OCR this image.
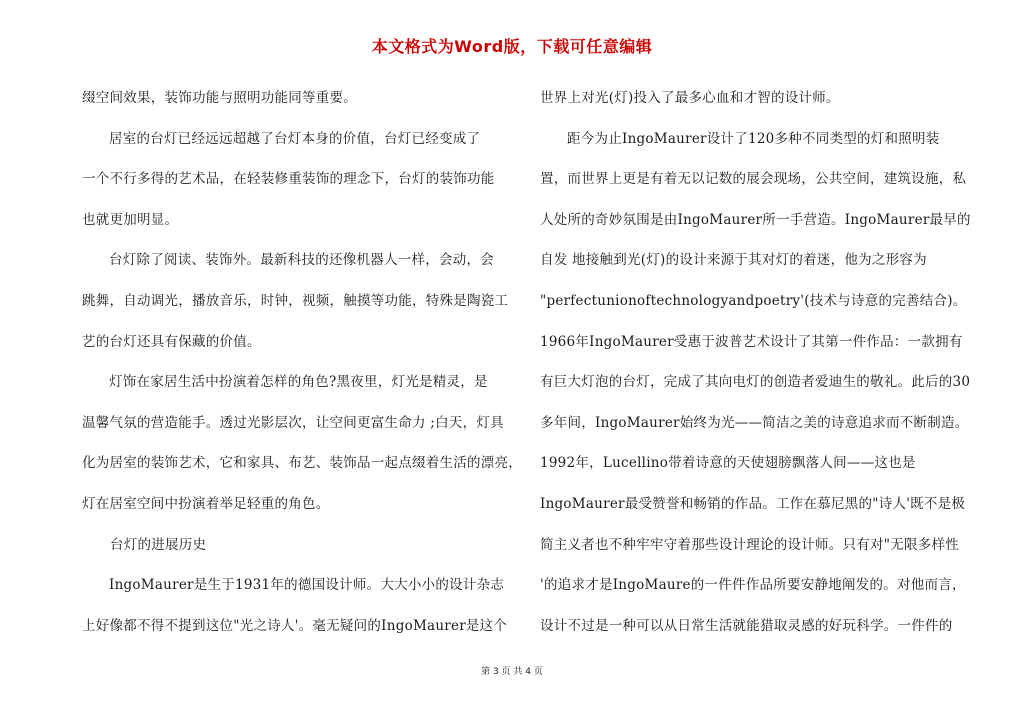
本文格式为Word版，下载可任意编辑
缀空间效果，装饰功能与照明功能同等重要。
居室的台灯已经远远超越了台灯本身的价值，台灯已经变成了
一个不行多得的艺术品，在轻装修重装饰的理念下，台灯的装饰功能
也就更加明显。
台灯除了阅读、装饰外。最新科技的还像机器人一样，会动，会
跳舞，自动调光，播放音乐，时钟，视频，触摸等功能，特殊是陶瓷工
艺的台灯还具有保藏的价值。
灯饰在家居生活中扮演着怎样的角色?黑夜里，灯光是精灵，是
温馨气氛的营造能手。透过光影层次，让空间更富生命力 ;白天，灯具
化为居室的装饰艺术，它和家具、布艺、装饰品一起点缀着生活的漂亮，
灯在居室空间中扮演着举足轻重的角色。
台灯的进展历史
IngoMaurer是生于1931年的德国设计师。大大小小的设计杂志
上好像都不得不提到这位"光之诗人'。毫无疑问的IngoMaurer是这个
世界上对光(灯)投入了最多心血和才智的设计师。
距今为止IngoMaurer设计了120多种不同类型的灯和照明装
置，而世界上更是有着无以记数的展会现场，公共空间，建筑设施，私
人处所的奇妙氛围是由IngoMaurer所一手营造。IngoMaurer最早的
自发 地接触到光(灯)的设计来源于其对灯的着迷，他为之形容为
"perfectunionoftechnologyandpoetry'(技术与诗意的完善结合)。
1966年IngoMaurer受惠于波普艺术设计了其第一件作品：一款拥有
有巨大灯泡的台灯，完成了其向电灯的创造者爱迪生的敬礼。此后的30
多年间，IngoMaurer始终为光——简洁之美的诗意追求而不断制造。
1992年，Lucellino带着诗意的天使翅膀飘落人间——这也是
IngoMaurer最受赞誉和畅销的作品。工作在慕尼黑的"诗人'既不是极
简主义者也不种牢牢守着那些设计理论的设计师。只有对"无限多样性
'的追求才是IngoMaure的一件件作品所要安静地阐发的。对他而言，
设计不过是一种可以从日常生活就能猎取灵感的好玩科学。一件件的
第 3 页 共 4 页
